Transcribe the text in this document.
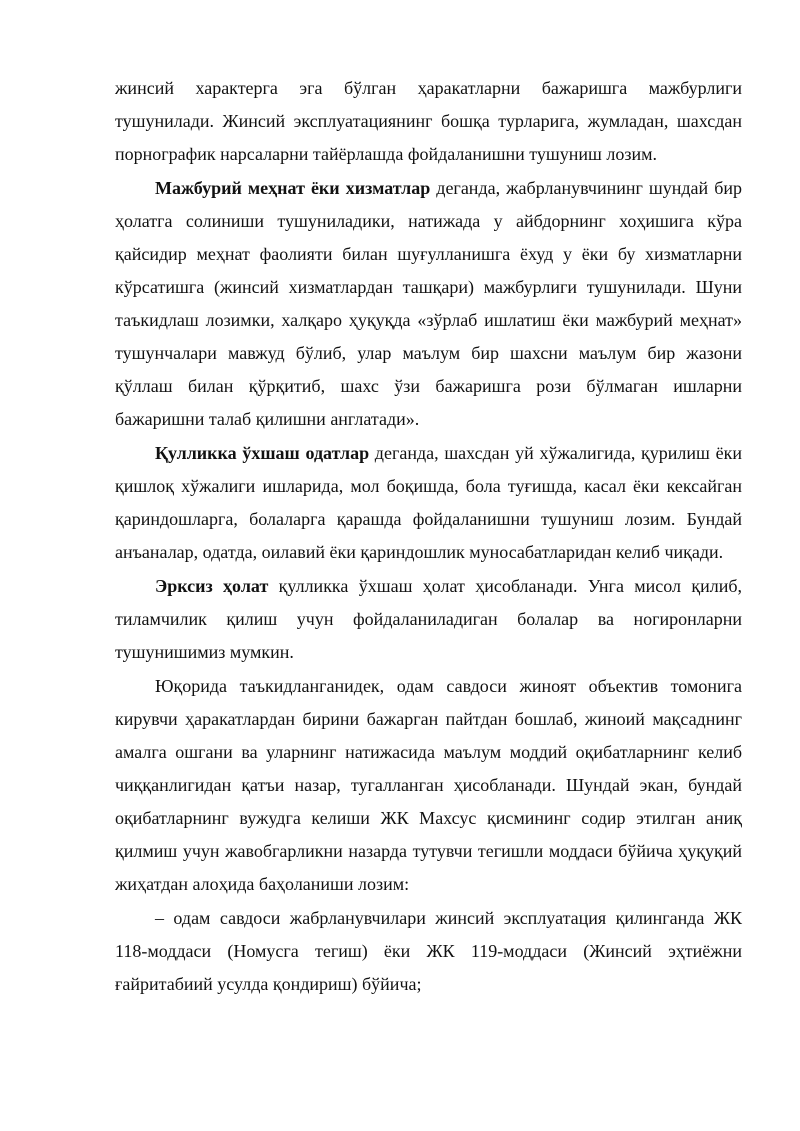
жинсий характерга эга бўлган ҳаракатларни бажаришга мажбурлиги тушунилади. Жинсий эксплуатациянинг бошқа турларига, жумладан, шахсдан порнографик нарсаларни тайёрлашда фойдаланишни тушуниш лозим.

Мажбурий меҳнат ёки хизматлар деганда, жабрланувчининг шундай бир ҳолатга солиниши тушуниладики, натижада у айбдорнинг хоҳишига кўра қайсидир меҳнат фаолияти билан шуғулланишга ёхуд у ёки бу хизматларни кўрсатишга (жинсий хизматлардан ташқари) мажбурлиги тушунилади. Шуни таъкидлаш лозимки, халқаро ҳуқуқда «зўрлаб ишлатиш ёки мажбурий меҳнат» тушунчалари мавжуд бўлиб, улар маълум бир шахсни маълум бир жазони қўллаш билан қўрқитиб, шахс ўзи бажаришга рози бўлмаган ишларни бажаришни талаб қилишни англатади».

Қулликка ўхшаш одатлар деганда, шахсдан уй хўжалигида, қурилиш ёки қишлоқ хўжалиги ишларида, мол боқишда, бола туғишда, касал ёки кексайган қариндошларга, болаларга қарашда фойдаланишни тушуниш лозим. Бундай анъаналар, одатда, оилавий ёки қариндошлик муносабатларидан келиб чиқади.

Эрксиз ҳолат қулликка ўхшаш ҳолат ҳисобланади. Унга мисол қилиб, тиламчилик қилиш учун фойдаланиладиган болалар ва ногиронларни тушунишимиз мумкин.

Юқорида таъкидланганидек, одам савдоси жиноят объектив томонига кирувчи ҳаракатлардан бирини бажарган пайтдан бошлаб, жиноий мақсаднинг амалга ошгани ва уларнинг натижасида маълум моддий оқибатларнинг келиб чиққанлигидан қатъи назар, тугалланган ҳисобланади. Шундай экан, бундай оқибатларнинг вужудга келиши ЖК Махсус қисмининг содир этилган аниқ қилмиш учун жавобгарликни назарда тутувчи тегишли моддаси бўйича ҳуқуқий жиҳатдан алоҳида баҳоланиши лозим:

– одам савдоси жабрланувчилари жинсий эксплуатация қилинганда ЖК 118-моддаси (Номусга тегиш) ёки ЖК 119-моддаси (Жинсий эҳтиёжни ғайритабиий усулда қондириш) бўйича;
